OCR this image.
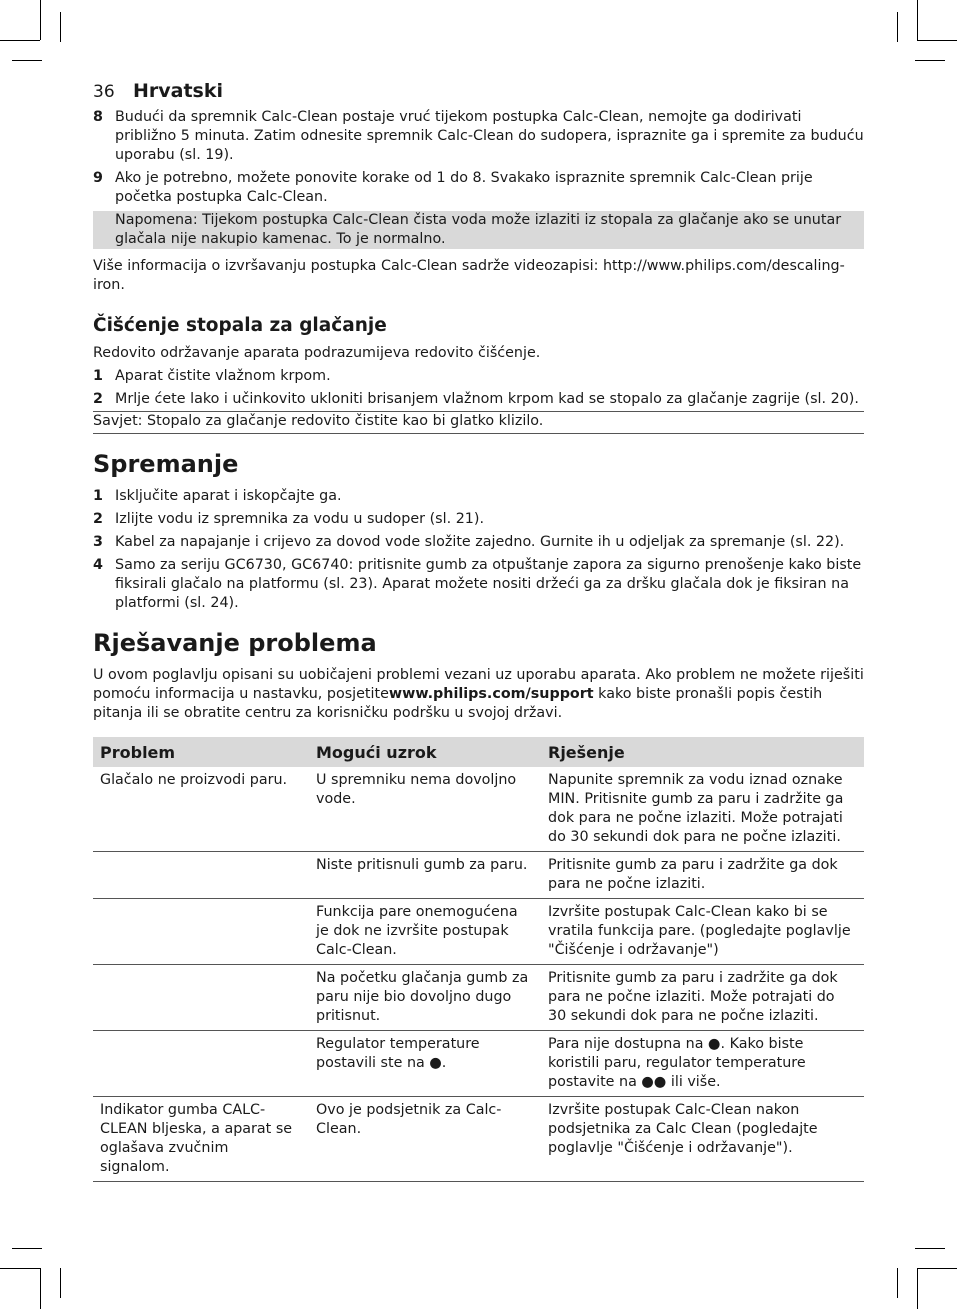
36 Hrvatski
8 Budući da spremnik Calc-Clean postaje vruć tijekom postupka Calc-Clean, nemojte ga dodirivati približno 5 minuta. Zatim odnesite spremnik Calc-Clean do sudopera, ispraznite ga i spremite za buduću uporabu (sl. 19).
9 Ako je potrebno, možete ponovite korake od 1 do 8. Svakako ispraznite spremnik Calc-Clean prije početka postupka Calc-Clean.
Napomena: Tijekom postupka Calc-Clean čista voda može izlaziti iz stopala za glačanje ako se unutar glačala nije nakupio kamenac. To je normalno.
Više informacija o izvršavanju postupka Calc-Clean sadrže videozapisi: http://www.philips.com/descaling-iron.
Čišćenje stopala za glačanje
Redovito održavanje aparata podrazumijeva redovito čišćenje.
1 Aparat čistite vlažnom krpom.
2 Mrlje ćete lako i učinkovito ukloniti brisanjem vlažnom krpom kad se stopalo za glačanje zagrije (sl. 20).
Savjet: Stopalo za glačanje redovito čistite kao bi glatko klizilo.
Spremanje
1 Isključite aparat i iskopčajte ga.
2 Izlijte vodu iz spremnika za vodu u sudoper (sl. 21).
3 Kabel za napajanje i crijevo za dovod vode složite zajedno. Gurnite ih u odjeljak za spremanje (sl. 22).
4 Samo za seriju GC6730, GC6740: pritisnite gumb za otpuštanje zapora za sigurno prenošenje kako biste fiksirali glačalo na platformu (sl. 23). Aparat možete nositi držeći ga za dršku glačala dok je fiksiran na platformi (sl. 24).
Rješavanje problema
U ovom poglavlju opisani su uobičajeni problemi vezani uz uporabu aparata. Ako problem ne možete riješiti pomoću informacija u nastavku, posjetitewww.philips.com/support kako biste pronašli popis čestih pitanja ili se obratite centru za korisničku podršku u svojoj državi.
Problem	Mogući uzrok	Rješenje
Glačalo ne proizvodi paru.	U spremniku nema dovoljno vode.	Napunite spremnik za vodu iznad oznake MIN. Pritisnite gumb za paru i zadržite ga dok para ne počne izlaziti. Može potrajati do 30 sekundi dok para ne počne izlaziti.
	Niste pritisnuli gumb za paru.	Pritisnite gumb za paru i zadržite ga dok para ne počne izlaziti.
	Funkcija pare onemogućena je dok ne izvršite postupak Calc-Clean.	Izvršite postupak Calc-Clean kako bi se vratila funkcija pare. (pogledajte poglavlje "Čišćenje i održavanje")
	Na početku glačanja gumb za paru nije bio dovoljno dugo pritisnut.	Pritisnite gumb za paru i zadržite ga dok para ne počne izlaziti. Može potrajati do 30 sekundi dok para ne počne izlaziti.
	Regulator temperature postavili ste na ●.	Para nije dostupna na ●. Kako biste koristili paru, regulator temperature postavite na ●● ili više.
Indikator gumba CALC-CLEAN bljeska, a aparat se oglašava zvučnim signalom.	Ovo je podsjetnik za Calc-Clean.	Izvršite postupak Calc-Clean nakon podsjetnika za Calc Clean (pogledajte poglavlje "Čišćenje i održavanje").
